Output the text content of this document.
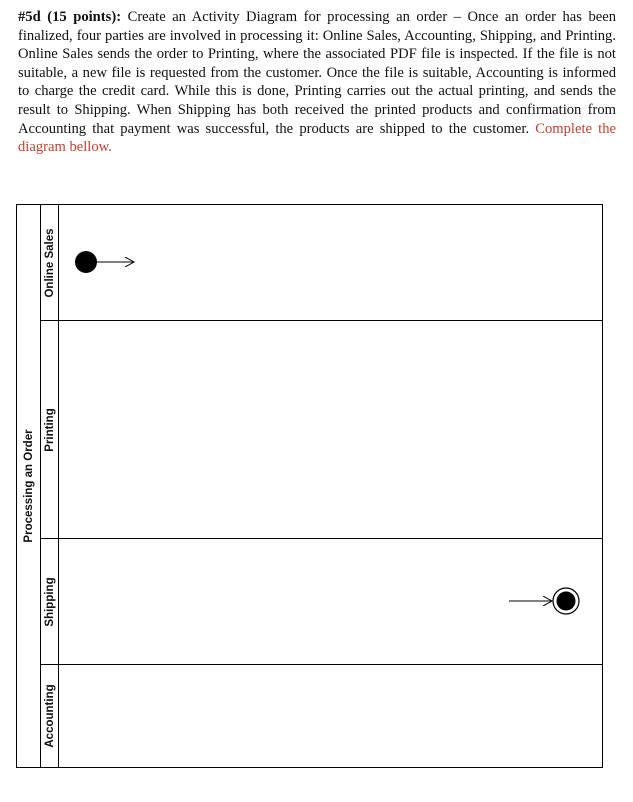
#5d (15 points): Create an Activity Diagram for processing an order – Once an order has been finalized, four parties are involved in processing it: Online Sales, Accounting, Shipping, and Printing. Online Sales sends the order to Printing, where the associated PDF file is inspected. If the file is not suitable, a new file is requested from the customer. Once the file is suitable, Accounting is informed to charge the credit card. While this is done, Printing carries out the actual printing, and sends the result to Shipping. When Shipping has both received the printed products and confirmation from Accounting that payment was successful, the products are shipped to the customer. Complete the diagram bellow.

Processing an Order
Online Sales
Printing
Shipping
Accounting
